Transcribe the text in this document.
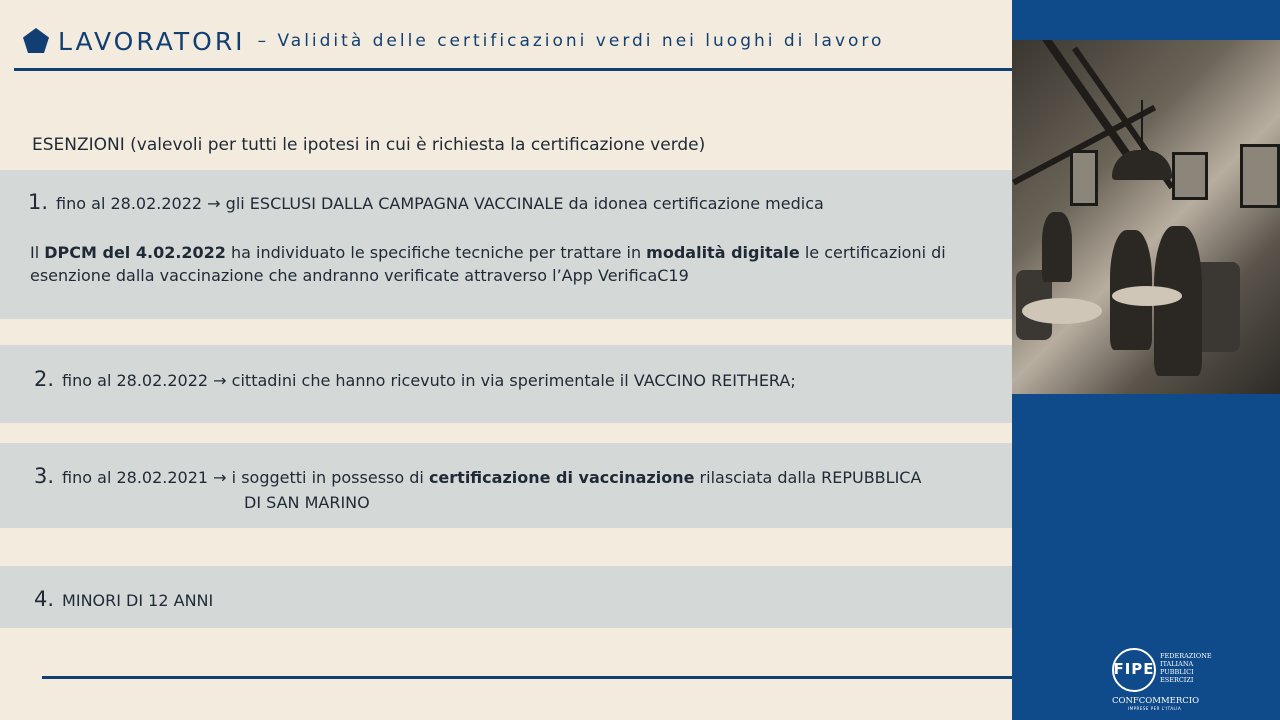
LAVORATORI – Validità delle certificazioni verdi nei luoghi di lavoro
ESENZIONI (valevoli per tutti le ipotesi in cui è richiesta la certificazione verde)
1. fino al 28.02.2022 → gli ESCLUSI DALLA CAMPAGNA VACCINALE da idonea certificazione medica
Il DPCM del 4.02.2022 ha individuato le specifiche tecniche per trattare in modalità digitale le certificazioni di esenzione dalla vaccinazione che andranno verificate attraverso l’App VerificaC19
2. fino al 28.02.2022 → cittadini che hanno ricevuto in via sperimentale il VACCINO REITHERA;
3. fino al 28.02.2021 → i soggetti in possesso di certificazione di vaccinazione rilasciata dalla REPUBBLICA
DI SAN MARINO
4. MINORI DI 12 ANNI
FIPE
FEDERAZIONE
ITALIANA
PUBBLICI
ESERCIZI
CONFCOMMERCIO
IMPRESE PER L'ITALIA
